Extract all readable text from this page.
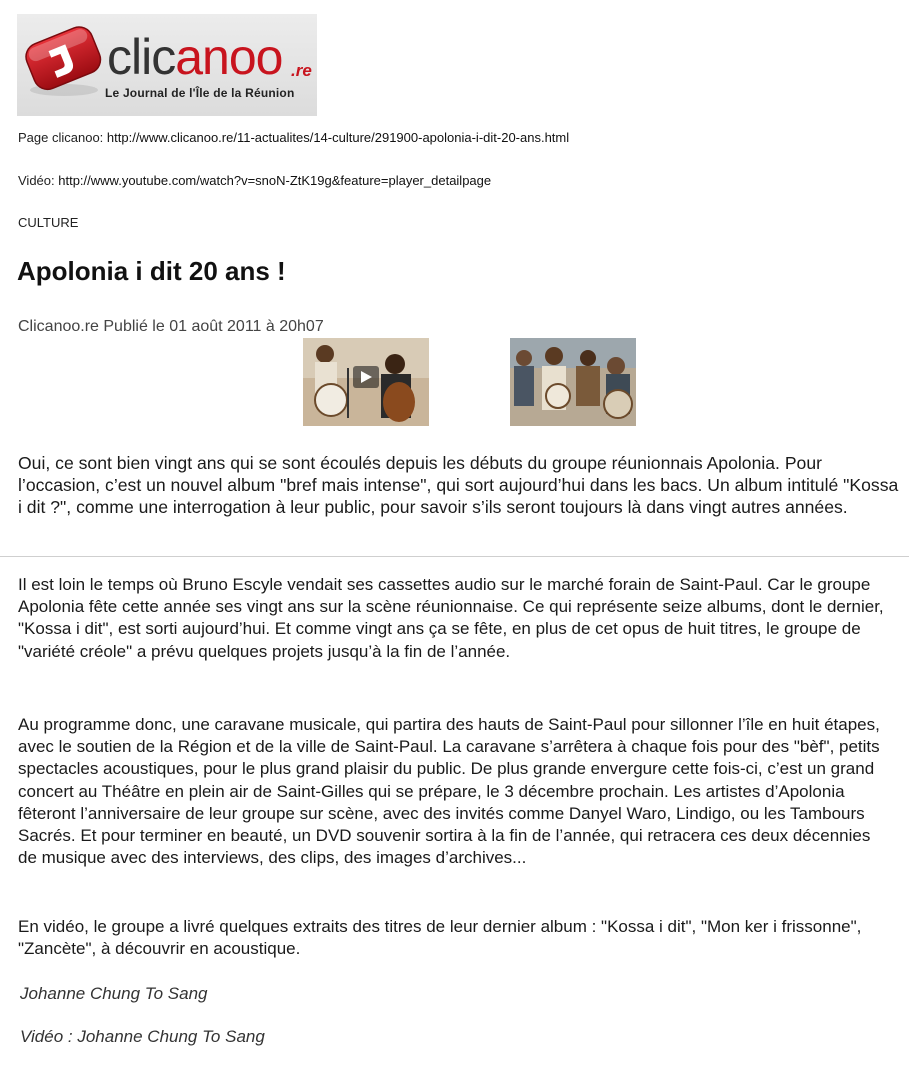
clicanoo .re
Le Journal de l'Île de la Réunion
Page clicanoo: http://www.clicanoo.re/11-actualites/14-culture/291900-apolonia-i-dit-20-ans.html
Vidéo: http://www.youtube.com/watch?v=snoN-ZtK19g&feature=player_detailpage
CULTURE
Apolonia i dit 20 ans !
Clicanoo.re Publié le 01 août 2011 à 20h07

Oui, ce sont bien vingt ans qui se sont écoulés depuis les débuts du groupe réunionnais Apolonia. Pour l’occasion, c’est un nouvel album "bref mais intense", qui sort aujourd’hui dans les bacs. Un album intitulé "Kossa i dit ?", comme une interrogation à leur public, pour savoir s’ils seront toujours là dans vingt autres années.

Il est loin le temps où Bruno Escyle vendait ses cassettes audio sur le marché forain de Saint-Paul. Car le groupe Apolonia fête cette année ses vingt ans sur la scène réunionnaise. Ce qui représente seize albums, dont le dernier, "Kossa i dit", est sorti aujourd’hui. Et comme vingt ans ça se fête, en plus de cet opus de huit titres, le groupe de "variété créole" a prévu quelques projets jusqu’à la fin de l’année.

Au programme donc, une caravane musicale, qui partira des hauts de Saint-Paul pour sillonner l’île en huit étapes, avec le soutien de la Région et de la ville de Saint-Paul. La caravane s’arrêtera à chaque fois pour des "bèf", petits spectacles acoustiques, pour le plus grand plaisir du public. De plus grande envergure cette fois-ci, c’est un grand concert au Théâtre en plein air de Saint-Gilles qui se prépare, le 3 décembre prochain. Les artistes d’Apolonia fêteront l’anniversaire de leur groupe sur scène, avec des invités comme Danyel Waro, Lindigo, ou les Tambours Sacrés. Et pour terminer en beauté, un DVD souvenir sortira à la fin de l’année, qui retracera ces deux décennies de musique avec des interviews, des clips, des images d’archives...

En vidéo, le groupe a livré quelques extraits des titres de leur dernier album : "Kossa i dit", "Mon ker i frissonne", "Zancète", à découvrir en acoustique.

Johanne Chung To Sang
Vidéo : Johanne Chung To Sang
